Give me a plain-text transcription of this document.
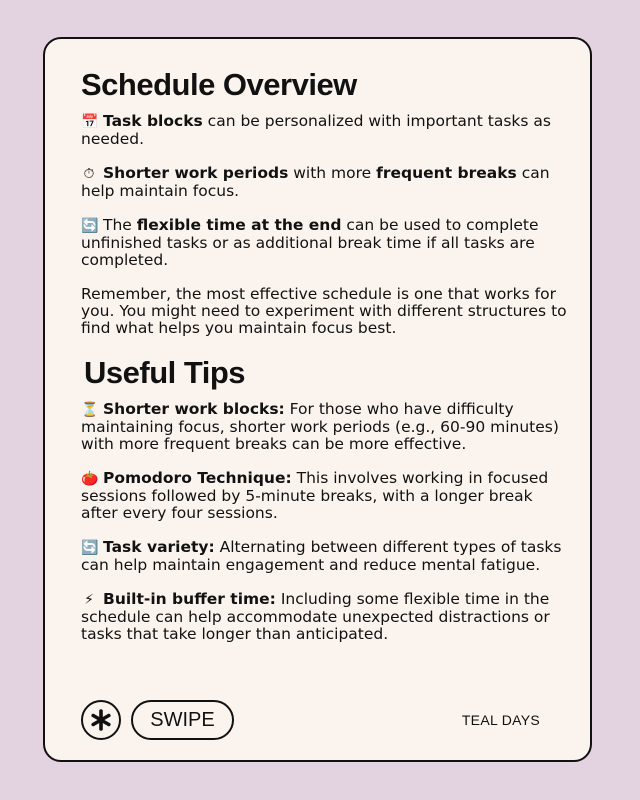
Schedule Overview

📅 Task blocks can be personalized with important tasks as needed.

⏱ Shorter work periods with more frequent breaks can help maintain focus.

🔄 The flexible time at the end can be used to complete unfinished tasks or as additional break time if all tasks are completed.

Remember, the most effective schedule is one that works for you. You might need to experiment with different structures to find what helps you maintain focus best.

Useful Tips

⏳ Shorter work blocks: For those who have difficulty maintaining focus, shorter work periods (e.g., 60-90 minutes) with more frequent breaks can be more effective.

🍅 Pomodoro Technique: This involves working in focused sessions followed by 5-minute breaks, with a longer break after every four sessions.

🔄 Task variety: Alternating between different types of tasks can help maintain engagement and reduce mental fatigue.

⚡ Built-in buffer time: Including some flexible time in the schedule can help accommodate unexpected distractions or tasks that take longer than anticipated.

SWIPE	TEAL DAYS
